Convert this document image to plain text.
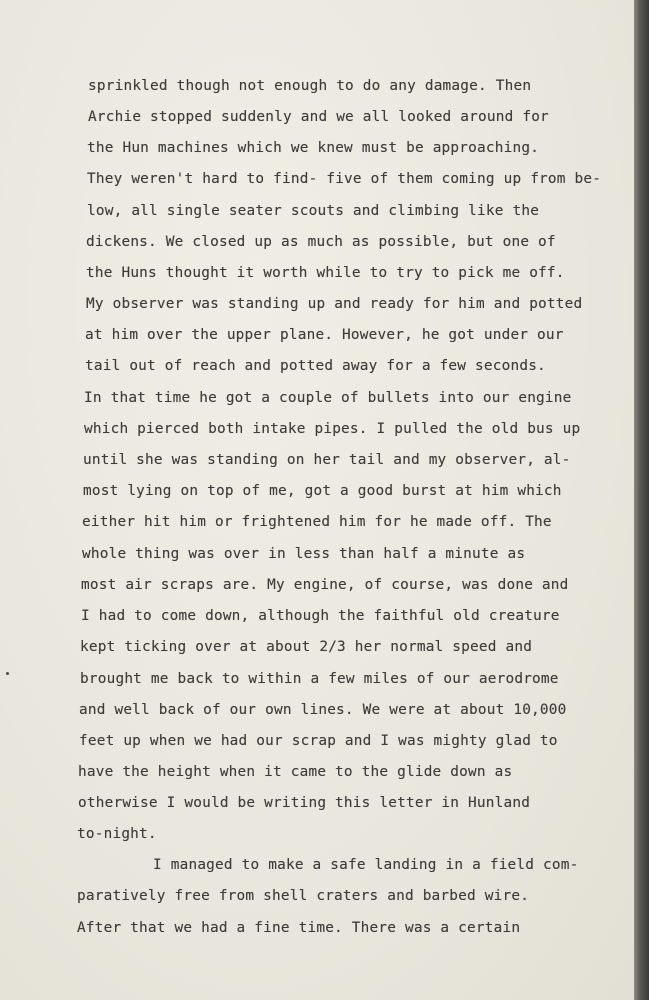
sprinkled though not enough to do any damage. Then
Archie stopped suddenly and we all looked around for
the Hun machines which we knew must be approaching.
They weren't hard to find- five of them coming up from be-
low, all single seater scouts and climbing like the
dickens. We closed up as much as possible, but one of
the Huns thought it worth while to try to pick me off.
My observer was standing up and ready for him and potted
at him over the upper plane. However, he got under our
tail out of reach and potted away for a few seconds.
In that time he got a couple of bullets into our engine
which pierced both intake pipes. I pulled the old bus up
until she was standing on her tail and my observer, al-
most lying on top of me, got a good burst at him which
either hit him or frightened him for he made off. The
whole thing was over in less than half a minute as
most air scraps are. My engine, of course, was done and
I had to come down, although the faithful old creature
kept ticking over at about 2/3 her normal speed and
brought me back to within a few miles of our aerodrome
and well back of our own lines. We were at about 10,000
feet up when we had our scrap and I was mighty glad to
have the height when it came to the glide down as
otherwise I would be writing this letter in Hunland
to-night.
I managed to make a safe landing in a field com-
paratively free from shell craters and barbed wire.
After that we had a fine time. There was a certain
